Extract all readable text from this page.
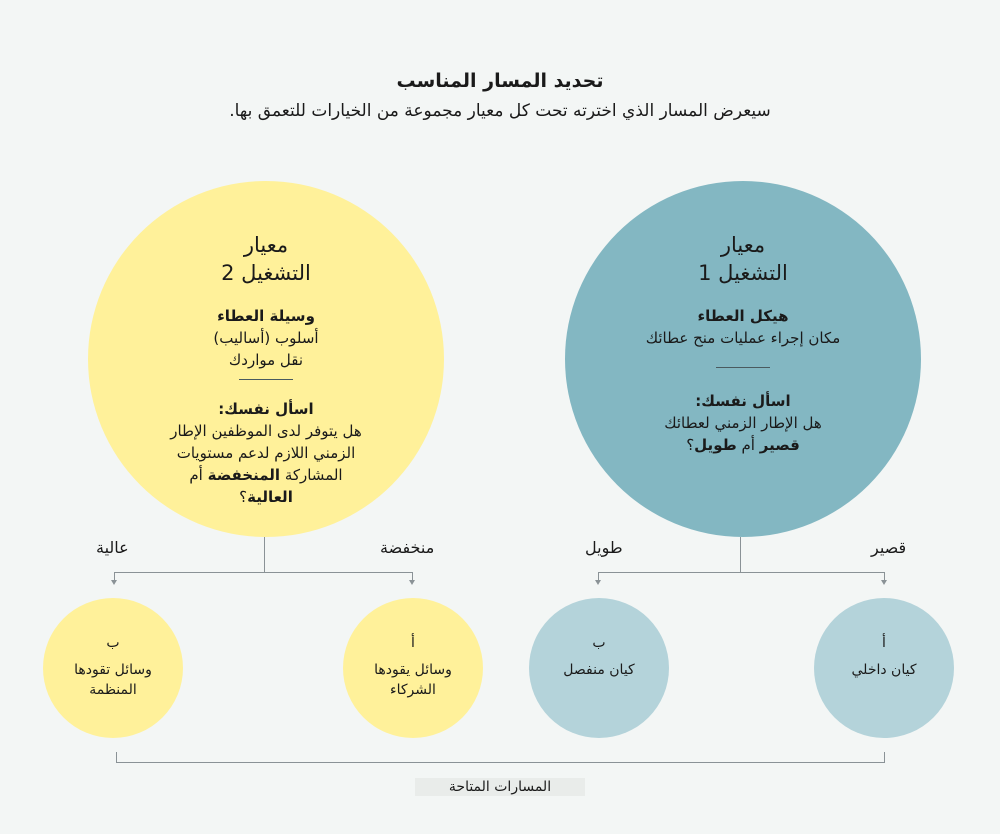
تحديد المسار المناسب
سيعرض المسار الذي اخترته تحت كل معيار مجموعة من الخيارات للتعمق بها.
معيار
التشغيل 1
هيكل العطاء
مكان إجراء عمليات منح عطائك
اسأل نفسك:
هل الإطار الزمني لعطائك
قصير أم طويل؟
معيار
التشغيل 2
وسيلة العطاء
أسلوب (أساليب)
نقل مواردك
اسأل نفسك:
هل يتوفر لدى الموظفين الإطار
الزمني اللازم لدعم مستويات
المشاركة المنخفضة أم
العالية؟
عالية	منخفضة	طويل	قصير
ب
وسائل تقودها
المنظمة
أ
وسائل يقودها
الشركاء
ب
كيان منفصل
أ
كيان داخلي
المسارات المتاحة
